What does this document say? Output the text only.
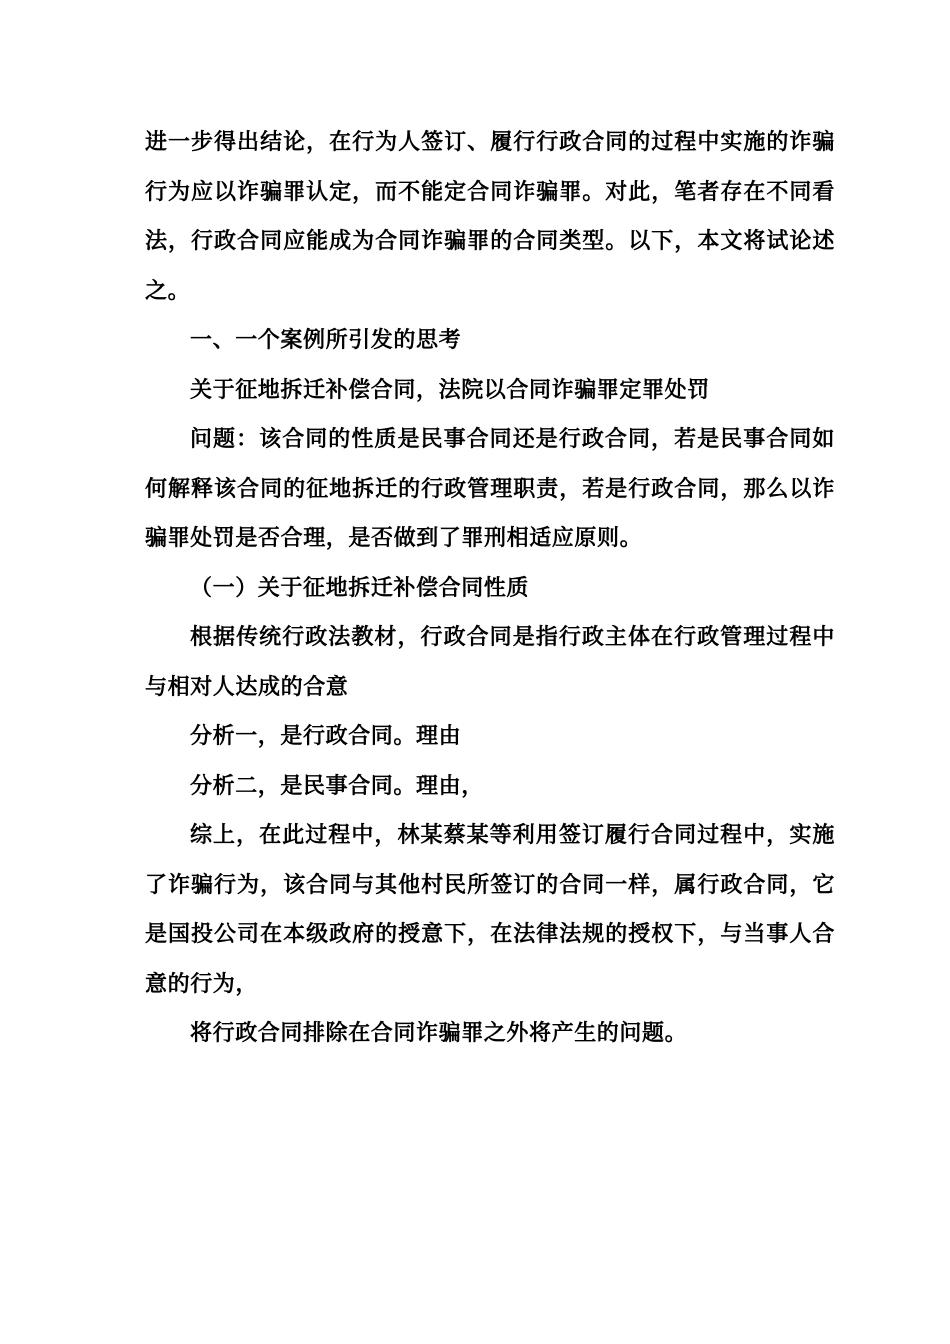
进一步得出结论，在行为人签订、履行行政合同的过程中实施的诈骗行为应以诈骗罪认定，而不能定合同诈骗罪。对此，笔者存在不同看法，行政合同应能成为合同诈骗罪的合同类型。以下，本文将试论述之。

一、一个案例所引发的思考

关于征地拆迁补偿合同，法院以合同诈骗罪定罪处罚

问题：该合同的性质是民事合同还是行政合同，若是民事合同如何解释该合同的征地拆迁的行政管理职责，若是行政合同，那么以诈骗罪处罚是否合理，是否做到了罪刑相适应原则。

（一）关于征地拆迁补偿合同性质

根据传统行政法教材，行政合同是指行政主体在行政管理过程中与相对人达成的合意

分析一，是行政合同。理由

分析二，是民事合同。理由，

综上，在此过程中，林某蔡某等利用签订履行合同过程中，实施了诈骗行为，该合同与其他村民所签订的合同一样，属行政合同，它是国投公司在本级政府的授意下，在法律法规的授权下，与当事人合意的行为，

将行政合同排除在合同诈骗罪之外将产生的问题。
